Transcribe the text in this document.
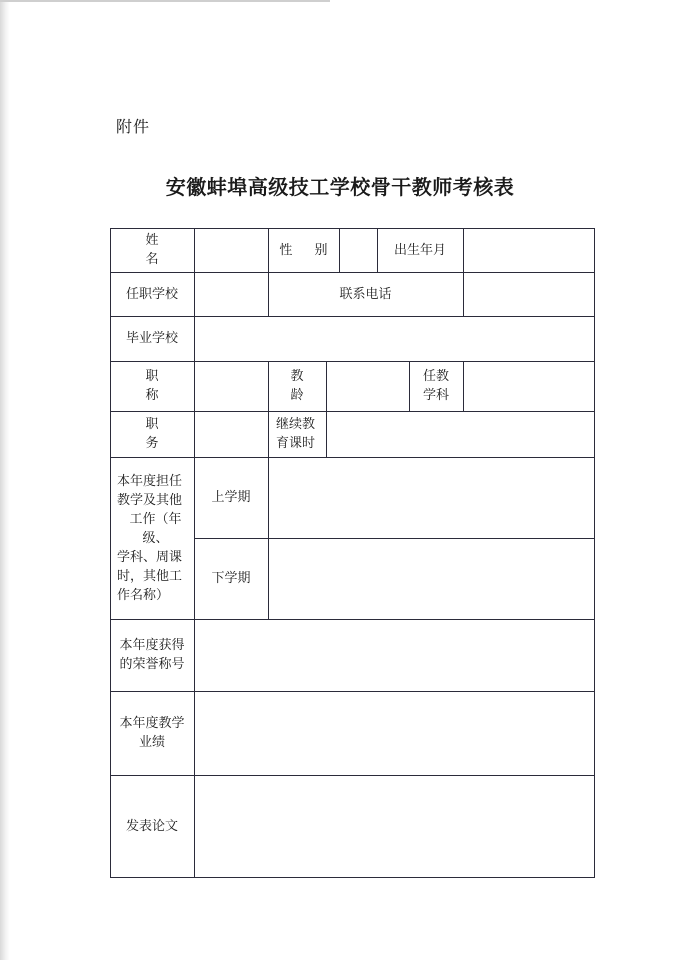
附件
安徽蚌埠高级技工学校骨干教师考核表
姓 名
性 别	出生年月
任职学校	联系电话
毕业学校
职 称
教 龄
任教
学科
职 务
继续教
育课时
本年度担任
教学及其他
工作（年级、
学科、周课
时，其他工
作名称）
上学期
下学期
本年度获得
的荣誉称号
本年度教学
业绩
发表论文
